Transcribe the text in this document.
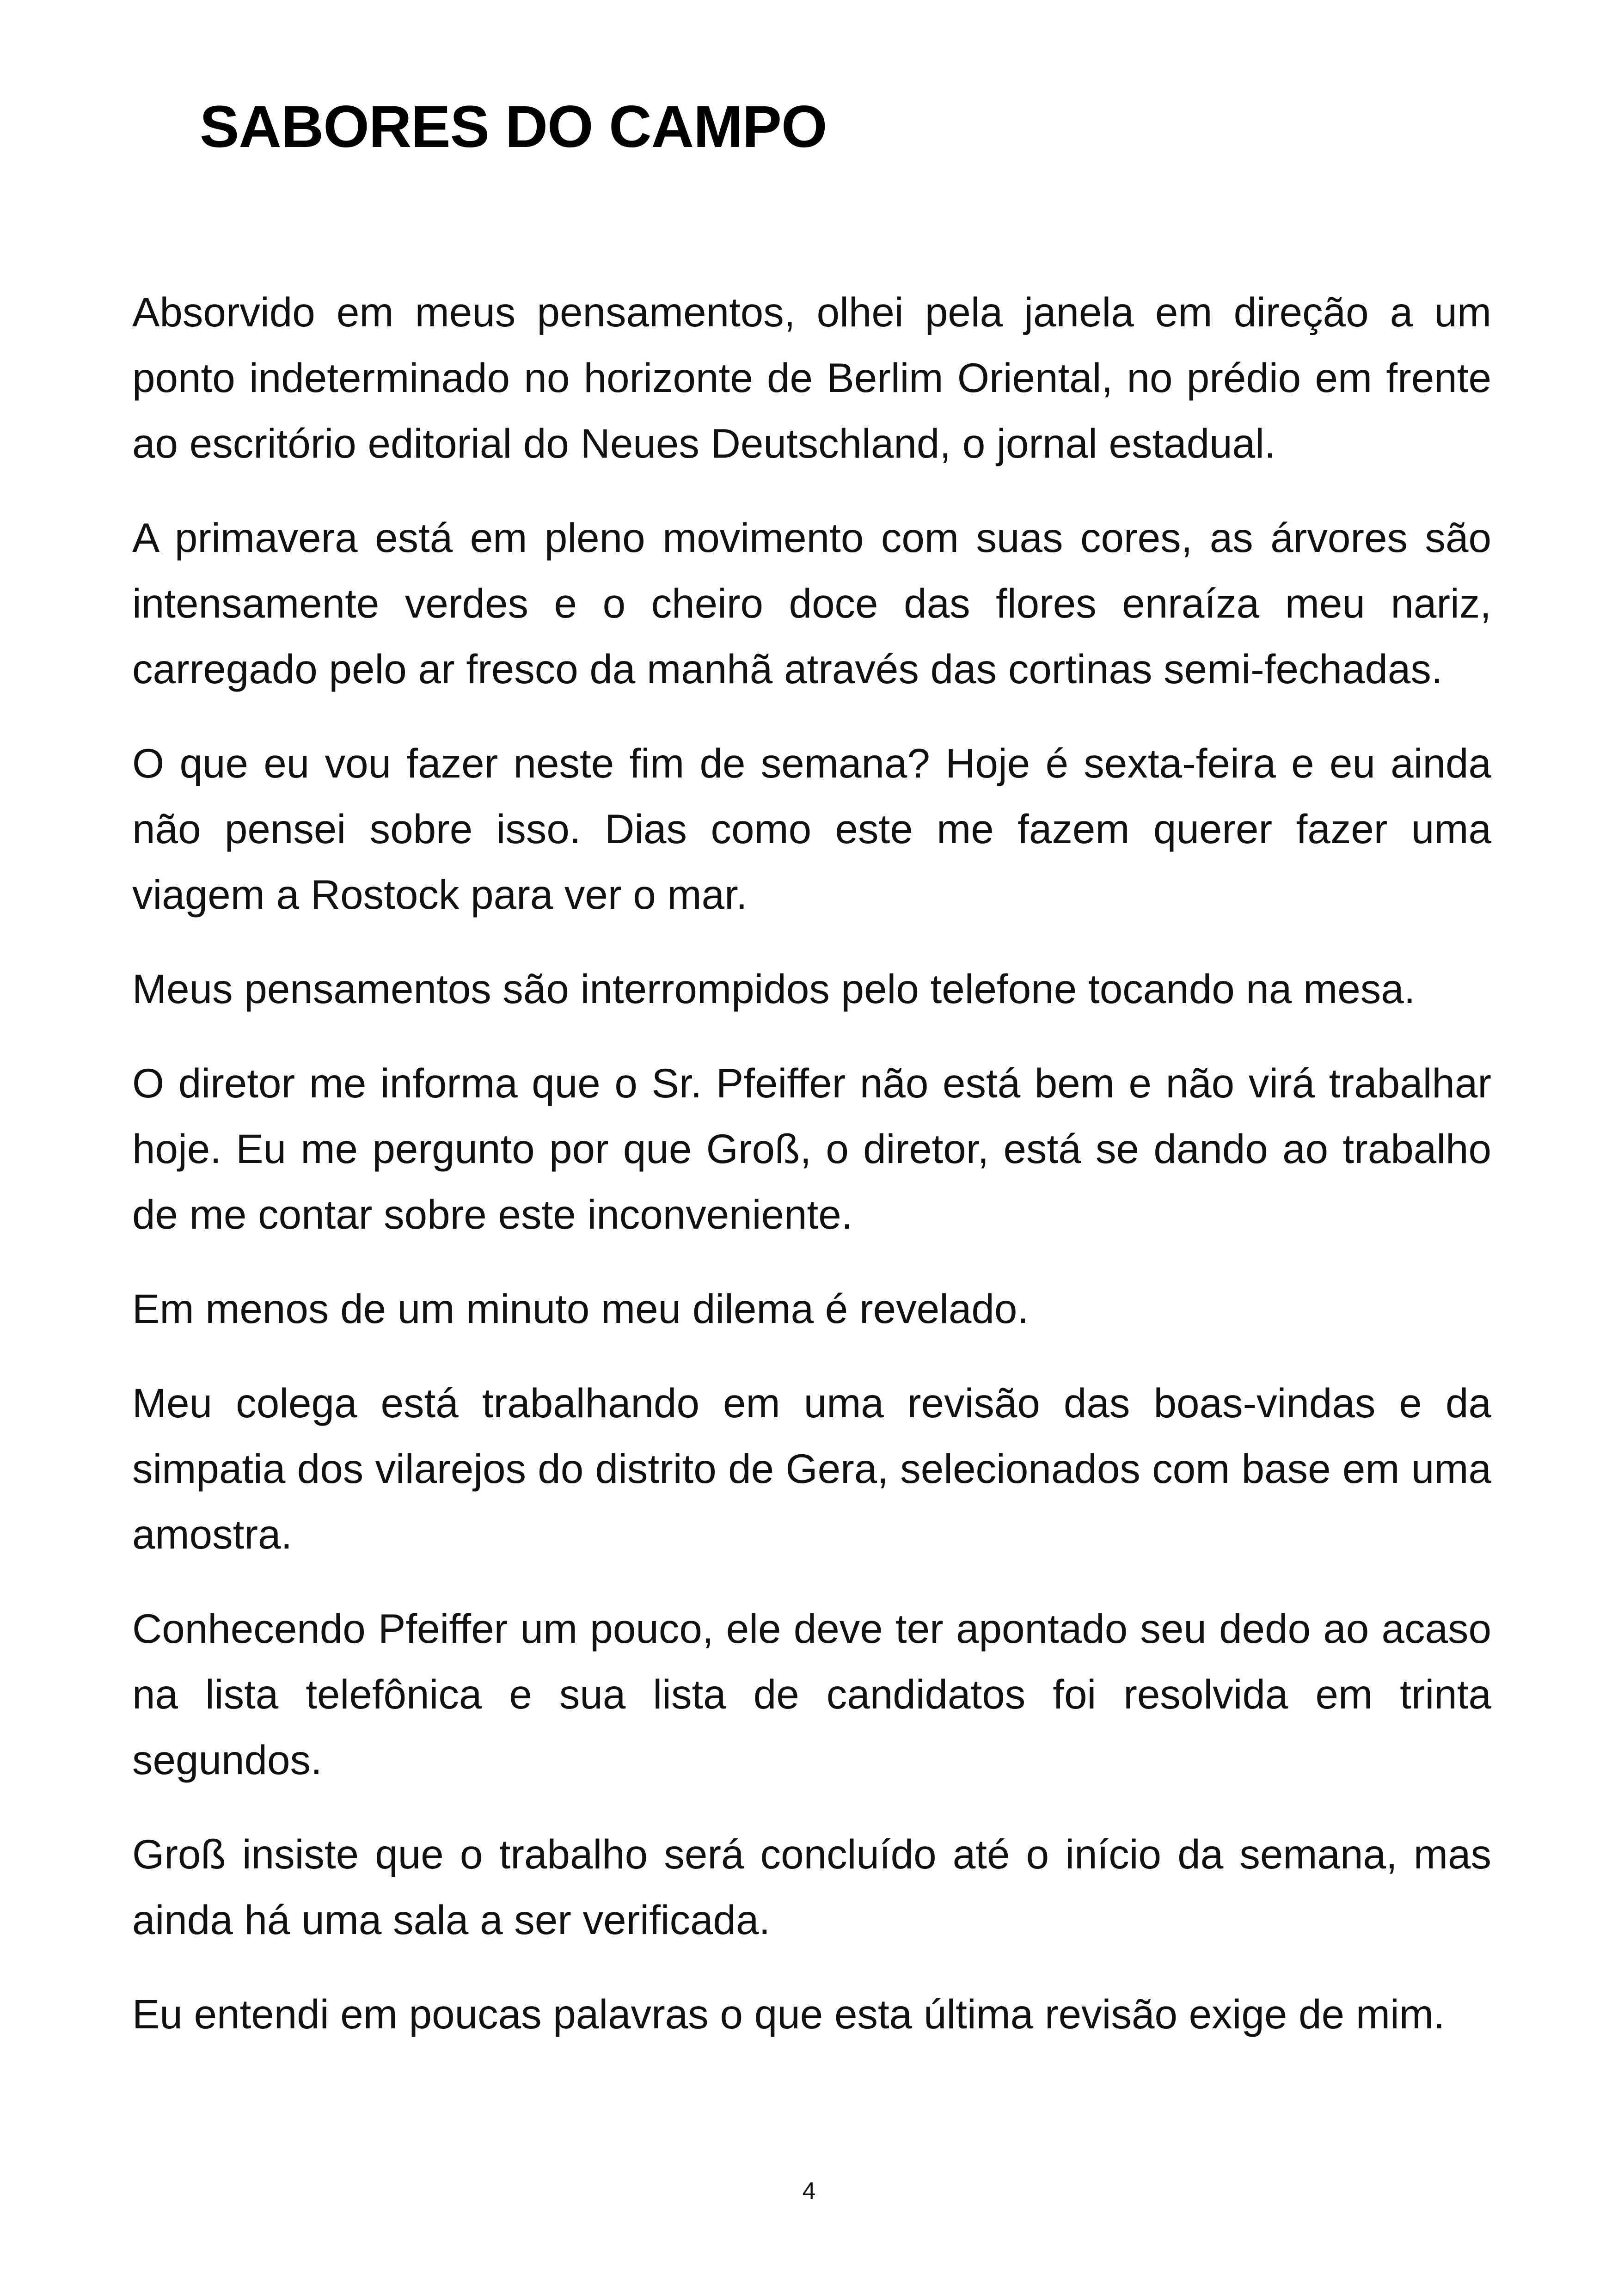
SABORES DO CAMPO

Absorvido em meus pensamentos, olhei pela janela em direção a um ponto indeterminado no horizonte de Berlim Oriental, no prédio em frente ao escritório editorial do Neues Deutschland, o jornal estadual.

A primavera está em pleno movimento com suas cores, as árvores são intensamente verdes e o cheiro doce das flores enraíza meu nariz, carregado pelo ar fresco da manhã através das cortinas semi-fechadas.

O que eu vou fazer neste fim de semana? Hoje é sexta-feira e eu ainda não pensei sobre isso. Dias como este me fazem querer fazer uma viagem a Rostock para ver o mar.

Meus pensamentos são interrompidos pelo telefone tocando na mesa.

O diretor me informa que o Sr. Pfeiffer não está bem e não virá trabalhar hoje. Eu me pergunto por que Groß, o diretor, está se dando ao trabalho de me contar sobre este inconveniente.

Em menos de um minuto meu dilema é revelado.

Meu colega está trabalhando em uma revisão das boas-vindas e da simpatia dos vilarejos do distrito de Gera, selecionados com base em uma amostra.

Conhecendo Pfeiffer um pouco, ele deve ter apontado seu dedo ao acaso na lista telefônica e sua lista de candidatos foi resolvida em trinta segundos.

Groß insiste que o trabalho será concluído até o início da semana, mas ainda há uma sala a ser verificada.

Eu entendi em poucas palavras o que esta última revisão exige de mim.

4
